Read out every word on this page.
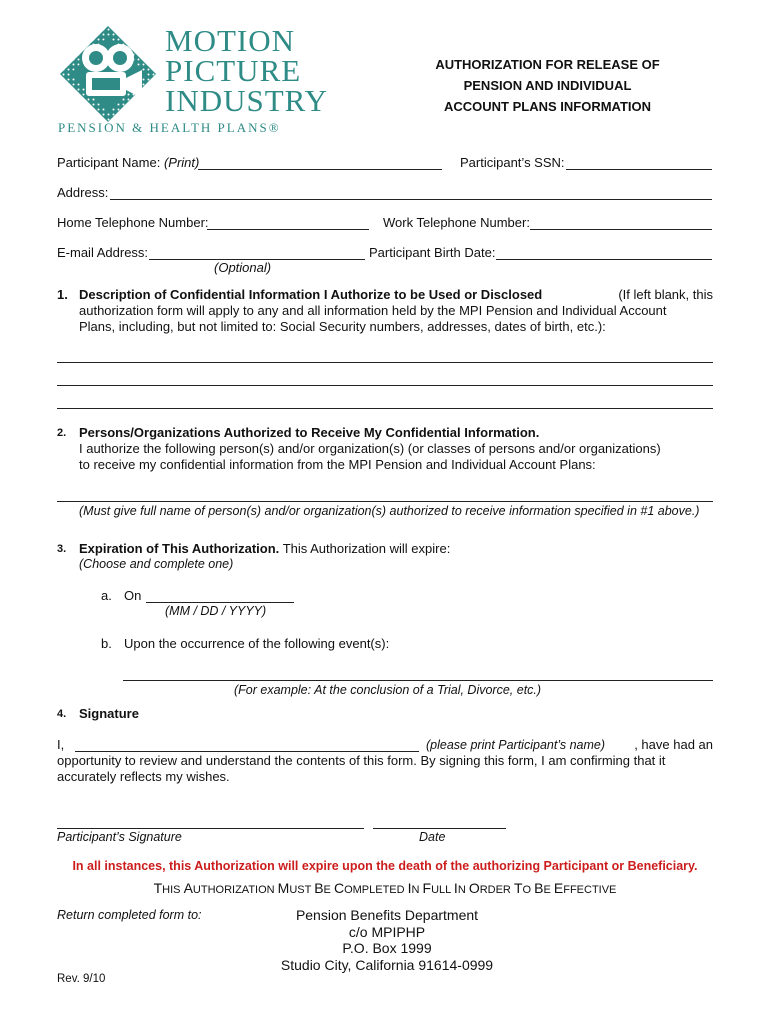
MOTION
PICTURE
INDUSTRY
PENSION & HEALTH PLANS®
AUTHORIZATION FOR RELEASE OF
PENSION AND INDIVIDUAL
ACCOUNT PLANS INFORMATION
Participant Name: (Print)	Participant’s SSN:
Address:
Home Telephone Number:	Work Telephone Number:
E-mail Address:
(Optional)
Participant Birth Date:
1. Description of Confidential Information I Authorize to be Used or Disclosed	(If left blank, this
authorization form will apply to any and all information held by the MPI Pension and Individual Account
Plans, including, but not limited to: Social Security numbers, addresses, dates of birth, etc.):
2. Persons/Organizations Authorized to Receive My Confidential Information.
I authorize the following person(s) and/or organization(s) (or classes of persons and/or organizations)
to receive my confidential information from the MPI Pension and Individual Account Plans:
(Must give full name of person(s) and/or organization(s) authorized to receive information specified in #1 above.)
3. Expiration of This Authorization. This Authorization will expire:
(Choose and complete one)
a. On
(MM / DD / YYYY)
b. Upon the occurrence of the following event(s):
(For example: At the conclusion of a Trial, Divorce, etc.)
4. Signature
I,	(please print Participant’s name) , have had an
opportunity to review and understand the contents of this form. By signing this form, I am confirming that it
accurately reflects my wishes.
Participant’s Signature	Date
In all instances, this Authorization will expire upon the death of the authorizing Participant or Beneficiary.
THIS AUTHORIZATION MUST BE COMPLETED IN FULL IN ORDER TO BE EFFECTIVE
Return completed form to:	Pension Benefits Department
c/o MPIPHP
P.O. Box 1999
Studio City, California 91614-0999
Rev. 9/10
